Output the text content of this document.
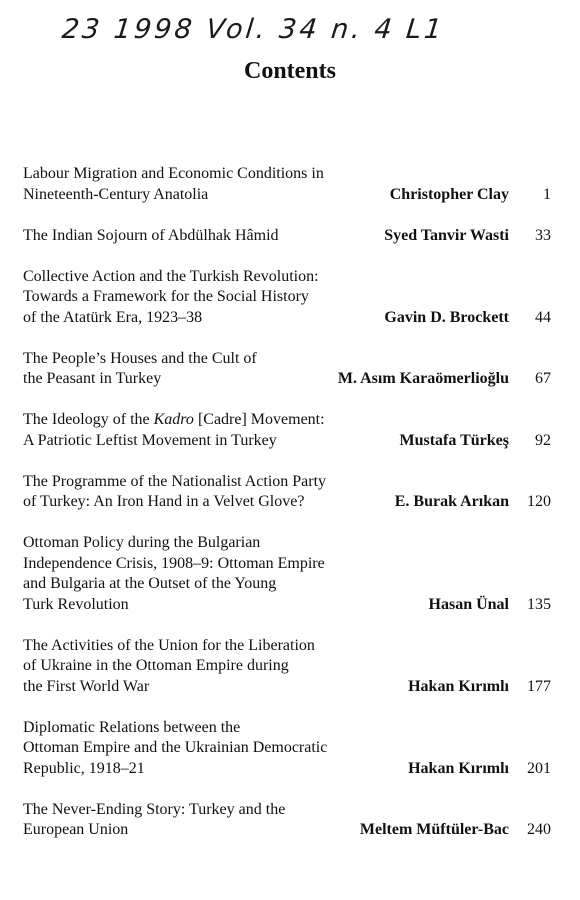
23 1998 Vol. 34 n. 4 L1
Contents
Labour Migration and Economic Conditions in
Nineteenth-Century Anatolia	Christopher Clay	1
The Indian Sojourn of Abdülhak Hâmid	Syed Tanvir Wasti	33
Collective Action and the Turkish Revolution:
Towards a Framework for the Social History
of the Atatürk Era, 1923–38	Gavin D. Brockett	44
The People’s Houses and the Cult of
the Peasant in Turkey	M. Asım Karaömerlioğlu	67
The Ideology of the Kadro [Cadre] Movement:
A Patriotic Leftist Movement in Turkey	Mustafa Türkeş	92
The Programme of the Nationalist Action Party
of Turkey: An Iron Hand in a Velvet Glove?	E. Burak Arıkan	120
Ottoman Policy during the Bulgarian
Independence Crisis, 1908–9: Ottoman Empire
and Bulgaria at the Outset of the Young
Turk Revolution	Hasan Ünal	135
The Activities of the Union for the Liberation
of Ukraine in the Ottoman Empire during
the First World War	Hakan Kırımlı	177
Diplomatic Relations between the
Ottoman Empire and the Ukrainian Democratic
Republic, 1918–21	Hakan Kırımlı	201
The Never-Ending Story: Turkey and the
European Union	Meltem Müftüler-Bac	240
